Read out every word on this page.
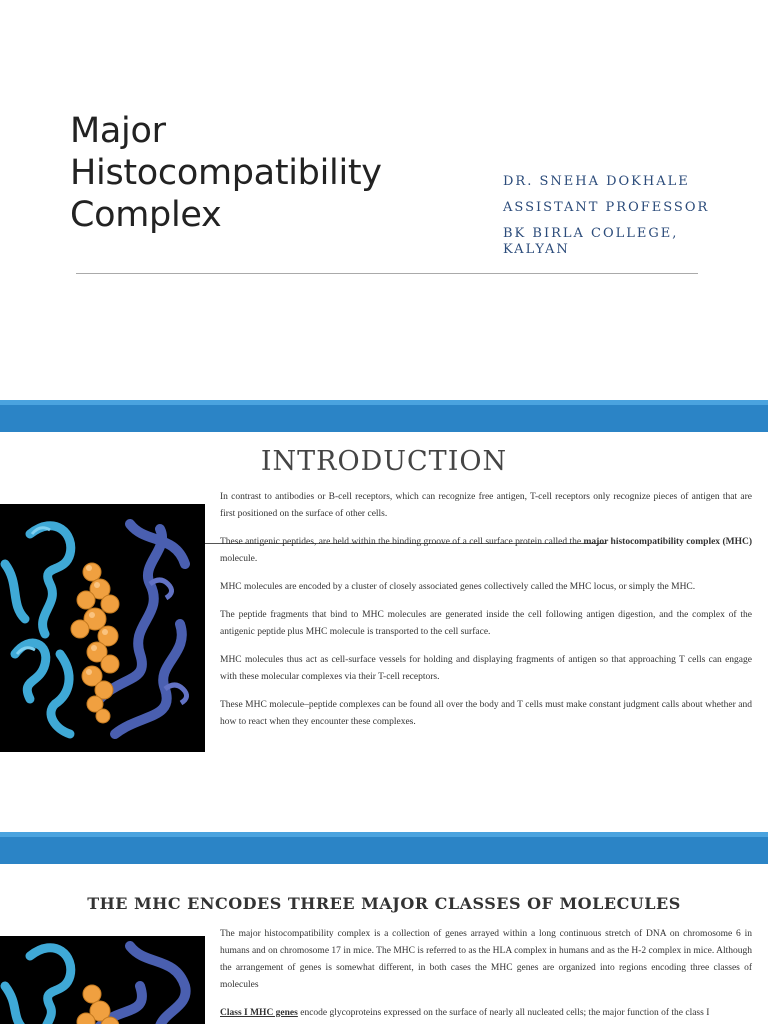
Major Histocompatibility Complex

DR. SNEHA DOKHALE

ASSISTANT PROFESSOR

BK BIRLA COLLEGE, KALYAN

INTRODUCTION

In contrast to antibodies or B-cell receptors, which can recognize free antigen, T-cell receptors only recognize pieces of antigen that are first positioned on the surface of other cells.

These antigenic peptides, are held within the binding groove of a cell surface protein called the major histocompatibility complex (MHC) molecule.

MHC molecules are encoded by a cluster of closely associated genes collectively called the MHC locus, or simply the MHC.

The peptide fragments that bind to MHC molecules are generated inside the cell following antigen digestion, and the complex of the antigenic peptide plus MHC molecule is transported to the cell surface.

MHC molecules thus act as cell-surface vessels for holding and displaying fragments of antigen so that approaching T cells can engage with these molecular complexes via their T-cell receptors.

These MHC molecule–peptide complexes can be found all over the body and T cells must make constant judgment calls about whether and how to react when they encounter these complexes.

THE MHC ENCODES THREE MAJOR CLASSES OF MOLECULES

The major histocompatibility complex is a collection of genes arrayed within a long continuous stretch of DNA on chromosome 6 in humans and on chromosome 17 in mice. The MHC is referred to as the HLA complex in humans and as the H-2 complex in mice. Although the arrangement of genes is somewhat different, in both cases the MHC genes are organized into regions encoding three classes of molecules

Class I MHC genes encode glycoproteins expressed on the surface of nearly all nucleated cells; the major function of the class I
